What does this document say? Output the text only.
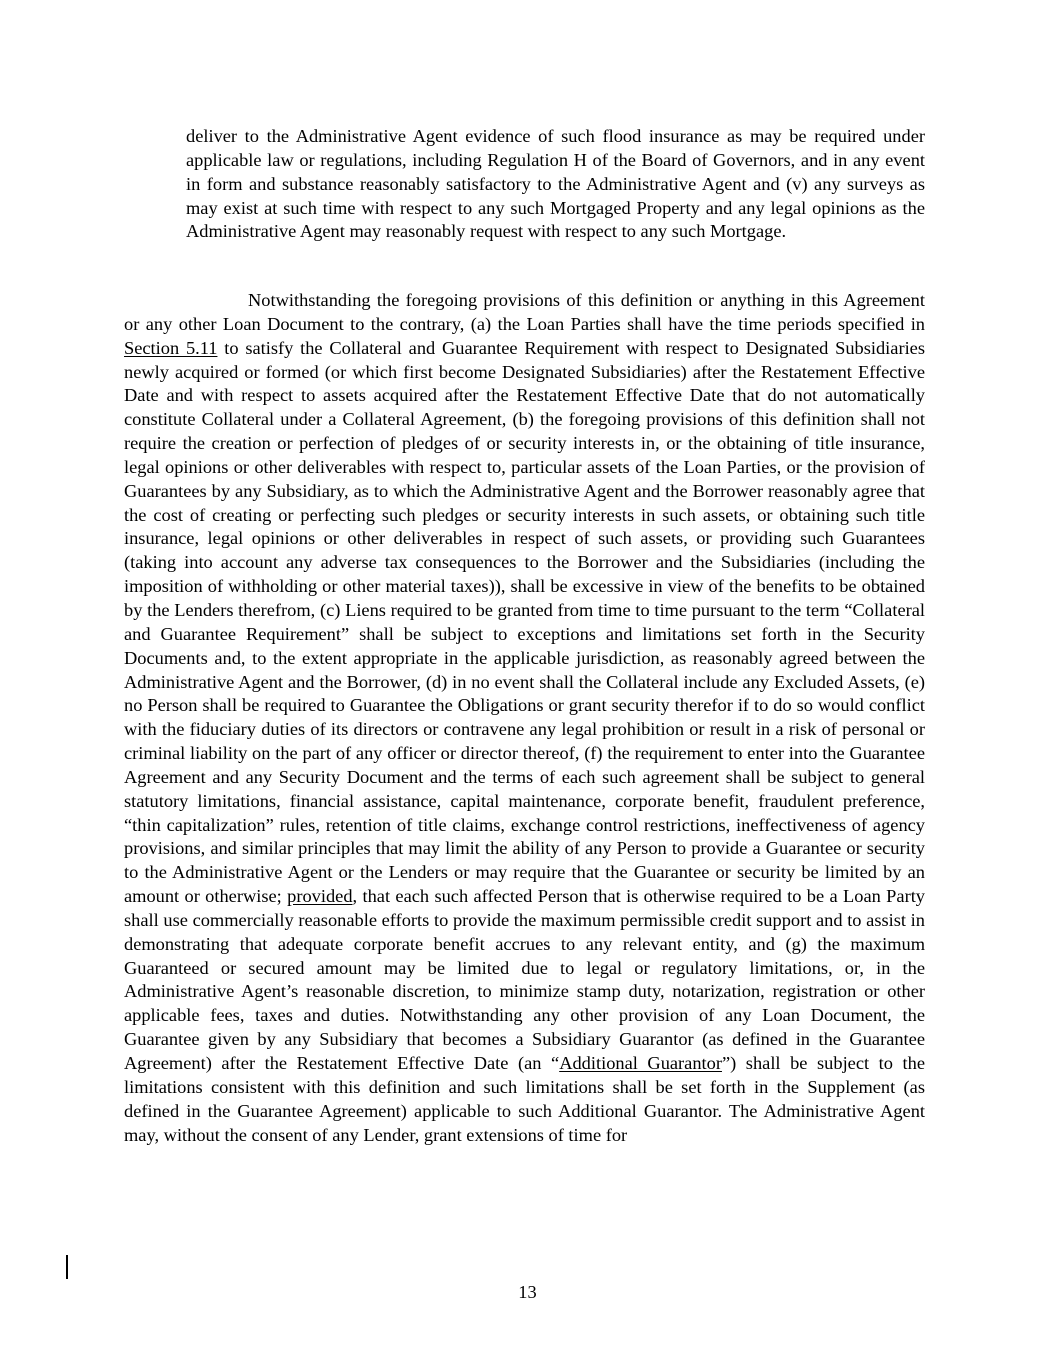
deliver to the Administrative Agent evidence of such flood insurance as may be required under applicable law or regulations, including Regulation H of the Board of Governors, and in any event in form and substance reasonably satisfactory to the Administrative Agent and (v) any surveys as may exist at such time with respect to any such Mortgaged Property and any legal opinions as the Administrative Agent may reasonably request with respect to any such Mortgage.

Notwithstanding the foregoing provisions of this definition or anything in this Agreement or any other Loan Document to the contrary, (a) the Loan Parties shall have the time periods specified in Section 5.11 to satisfy the Collateral and Guarantee Requirement with respect to Designated Subsidiaries newly acquired or formed (or which first become Designated Subsidiaries) after the Restatement Effective Date and with respect to assets acquired after the Restatement Effective Date that do not automatically constitute Collateral under a Collateral Agreement, (b) the foregoing provisions of this definition shall not require the creation or perfection of pledges of or security interests in, or the obtaining of title insurance, legal opinions or other deliverables with respect to, particular assets of the Loan Parties, or the provision of Guarantees by any Subsidiary, as to which the Administrative Agent and the Borrower reasonably agree that the cost of creating or perfecting such pledges or security interests in such assets, or obtaining such title insurance, legal opinions or other deliverables in respect of such assets, or providing such Guarantees (taking into account any adverse tax consequences to the Borrower and the Subsidiaries (including the imposition of withholding or other material taxes)), shall be excessive in view of the benefits to be obtained by the Lenders therefrom, (c) Liens required to be granted from time to time pursuant to the term “Collateral and Guarantee Requirement” shall be subject to exceptions and limitations set forth in the Security Documents and, to the extent appropriate in the applicable jurisdiction, as reasonably agreed between the Administrative Agent and the Borrower, (d) in no event shall the Collateral include any Excluded Assets, (e) no Person shall be required to Guarantee the Obligations or grant security therefor if to do so would conflict with the fiduciary duties of its directors or contravene any legal prohibition or result in a risk of personal or criminal liability on the part of any officer or director thereof, (f) the requirement to enter into the Guarantee Agreement and any Security Document and the terms of each such agreement shall be subject to general statutory limitations, financial assistance, capital maintenance, corporate benefit, fraudulent preference, “thin capitalization” rules, retention of title claims, exchange control restrictions, ineffectiveness of agency provisions, and similar principles that may limit the ability of any Person to provide a Guarantee or security to the Administrative Agent or the Lenders or may require that the Guarantee or security be limited by an amount or otherwise; provided, that each such affected Person that is otherwise required to be a Loan Party shall use commercially reasonable efforts to provide the maximum permissible credit support and to assist in demonstrating that adequate corporate benefit accrues to any relevant entity, and (g) the maximum Guaranteed or secured amount may be limited due to legal or regulatory limitations, or, in the Administrative Agent’s reasonable discretion, to minimize stamp duty, notarization, registration or other applicable fees, taxes and duties. Notwithstanding any other provision of any Loan Document, the Guarantee given by any Subsidiary that becomes a Subsidiary Guarantor (as defined in the Guarantee Agreement) after the Restatement Effective Date (an “Additional Guarantor”) shall be subject to the limitations consistent with this definition and such limitations shall be set forth in the Supplement (as defined in the Guarantee Agreement) applicable to such Additional Guarantor. The Administrative Agent may, without the consent of any Lender, grant extensions of time for

13
